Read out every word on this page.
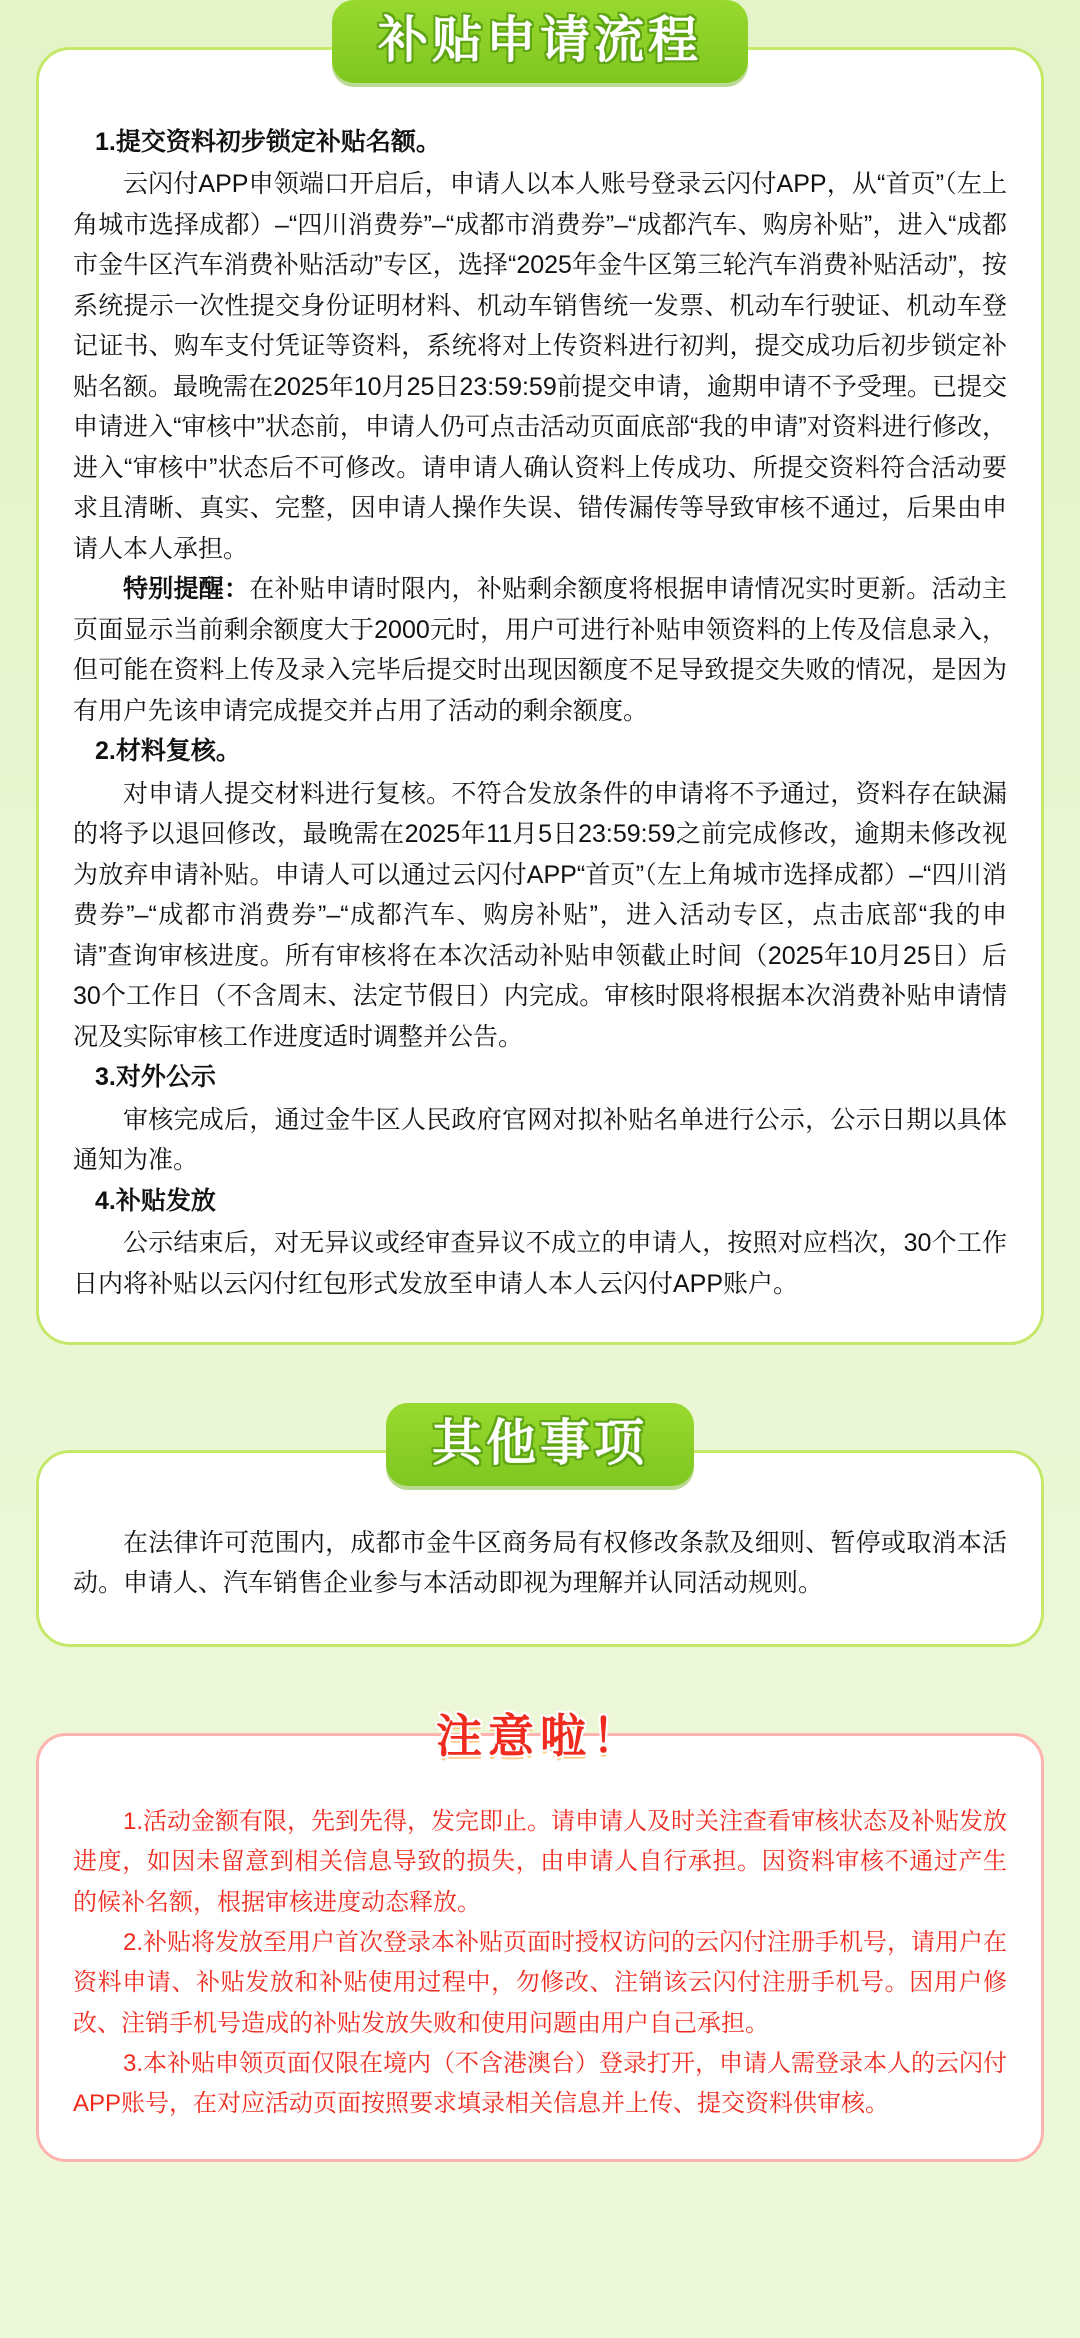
补贴申请流程

1.提交资料初步锁定补贴名额。

云闪付APP申领端口开启后，申请人以本人账号登录云闪付APP，从“首页”（左上角城市选择成都）–“四川消费券”–“成都市消费券”–“成都汽车、购房补贴”，进入“成都市金牛区汽车消费补贴活动”专区，选择“2025年金牛区第三轮汽车消费补贴活动”，按系统提示一次性提交身份证明材料、机动车销售统一发票、机动车行驶证、机动车登记证书、购车支付凭证等资料，系统将对上传资料进行初判，提交成功后初步锁定补贴名额。最晚需在2025年10月25日23:59:59前提交申请，逾期申请不予受理。已提交申请进入“审核中”状态前，申请人仍可点击活动页面底部“我的申请”对资料进行修改，进入“审核中”状态后不可修改。请申请人确认资料上传成功、所提交资料符合活动要求且清晰、真实、完整，因申请人操作失误、错传漏传等导致审核不通过，后果由申请人本人承担。

特别提醒：在补贴申请时限内，补贴剩余额度将根据申请情况实时更新。活动主页面显示当前剩余额度大于2000元时，用户可进行补贴申领资料的上传及信息录入，但可能在资料上传及录入完毕后提交时出现因额度不足导致提交失败的情况，是因为有用户先该申请完成提交并占用了活动的剩余额度。

2.材料复核。

对申请人提交材料进行复核。不符合发放条件的申请将不予通过，资料存在缺漏的将予以退回修改，最晚需在2025年11月5日23:59:59之前完成修改，逾期未修改视为放弃申请补贴。申请人可以通过云闪付APP“首页”（左上角城市选择成都）–“四川消费券”–“成都市消费券”–“成都汽车、购房补贴”，进入活动专区，点击底部“我的申请”查询审核进度。所有审核将在本次活动补贴申领截止时间（2025年10月25日）后30个工作日（不含周末、法定节假日）内完成。审核时限将根据本次消费补贴申请情况及实际审核工作进度适时调整并公告。

3.对外公示

审核完成后，通过金牛区人民政府官网对拟补贴名单进行公示，公示日期以具体通知为准。

4.补贴发放

公示结束后，对无异议或经审查异议不成立的申请人，按照对应档次，30个工作日内将补贴以云闪付红包形式发放至申请人本人云闪付APP账户。

其他事项

在法律许可范围内，成都市金牛区商务局有权修改条款及细则、暂停或取消本活动。申请人、汽车销售企业参与本活动即视为理解并认同活动规则。

注意啦！

1.活动金额有限，先到先得，发完即止。请申请人及时关注查看审核状态及补贴发放进度，如因未留意到相关信息导致的损失，由申请人自行承担。因资料审核不通过产生的候补名额，根据审核进度动态释放。

2.补贴将发放至用户首次登录本补贴页面时授权访问的云闪付注册手机号，请用户在资料申请、补贴发放和补贴使用过程中，勿修改、注销该云闪付注册手机号。因用户修改、注销手机号造成的补贴发放失败和使用问题由用户自己承担。

3.本补贴申领页面仅限在境内（不含港澳台）登录打开，申请人需登录本人的云闪付APP账号，在对应活动页面按照要求填录相关信息并上传、提交资料供审核。
